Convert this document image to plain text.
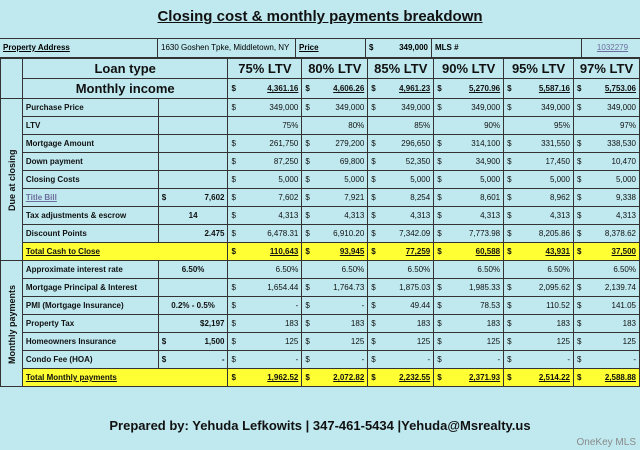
Closing cost & monthly payments breakdown
Property Address	1630 Goshen Tpke, Middletown, NY	Price	$	349,000 MLS #	1032279
	Loan type		75% LTV	80% LTV	85% LTV	90% LTV	95% LTV	97% LTV
	Monthly income		$ 4,361.16	$ 4,606.26	$ 4,961.23	$ 5,270.96	$ 5,587.16	$ 5,753.06
Due at closing	Purchase Price		$ 349,000	$ 349,000	$ 349,000	$ 349,000	$ 349,000	$ 349,000
	LTV		75%	80%	85%	90%	95%	97%
	Mortgage Amount		$ 261,750	$ 279,200	$ 296,650	$ 314,100	$ 331,550	$ 338,530
	Down payment		$ 87,250	$ 69,800	$ 52,350	$ 34,900	$ 17,450	$ 10,470
	Closing Costs		$ 5,000	$ 5,000	$ 5,000	$ 5,000	$ 5,000	$ 5,000
	Title Bill	$ 7,602	$ 7,602	$ 7,921	$ 8,254	$ 8,601	$ 8,962	$ 9,338
	Tax adjustments & escrow	14	$ 4,313	$ 4,313	$ 4,313	$ 4,313	$ 4,313	$ 4,313
	Discount Points	2.475	$ 6,478.31	$ 6,910.20	$ 7,342.09	$ 7,773.98	$ 8,205.86	$ 8,378.62
	Total Cash to Close		$ 110,643	$ 93,945	$ 77,259	$ 60,588	$ 43,931	$ 37,500
Monthly payments	Approximate interest rate	6.50%	6.50%	6.50%	6.50%	6.50%	6.50%	6.50%
	Mortgage Principal & Interest		$ 1,654.44	$ 1,764.73	$ 1,875.03	$ 1,985.33	$ 2,095.62	$ 2,139.74
	PMI (Mortgage Insurance)	0.2% - 0.5%	$ -	$ -	$ 49.44	$ 78.53	$ 110.52	$ 141.05
	Property Tax	$2,197	$ 183	$ 183	$ 183	$ 183	$ 183	$ 183
	Homeowners Insurance	$ 1,500	$ 125	$ 125	$ 125	$ 125	$ 125	$ 125
	Condo Fee (HOA)	$ -	$ -	$ -	$ -	$ -	$ -	$ -
	Total Monthly payments		$ 1,962.52	$ 2,072.82	$ 2,232.55	$ 2,371.93	$ 2,514.22	$ 2,588.88
Prepared by: Yehuda Lefkowits | 347-461-5434 |Yehuda@Msrealty.us
OneKey MLS
